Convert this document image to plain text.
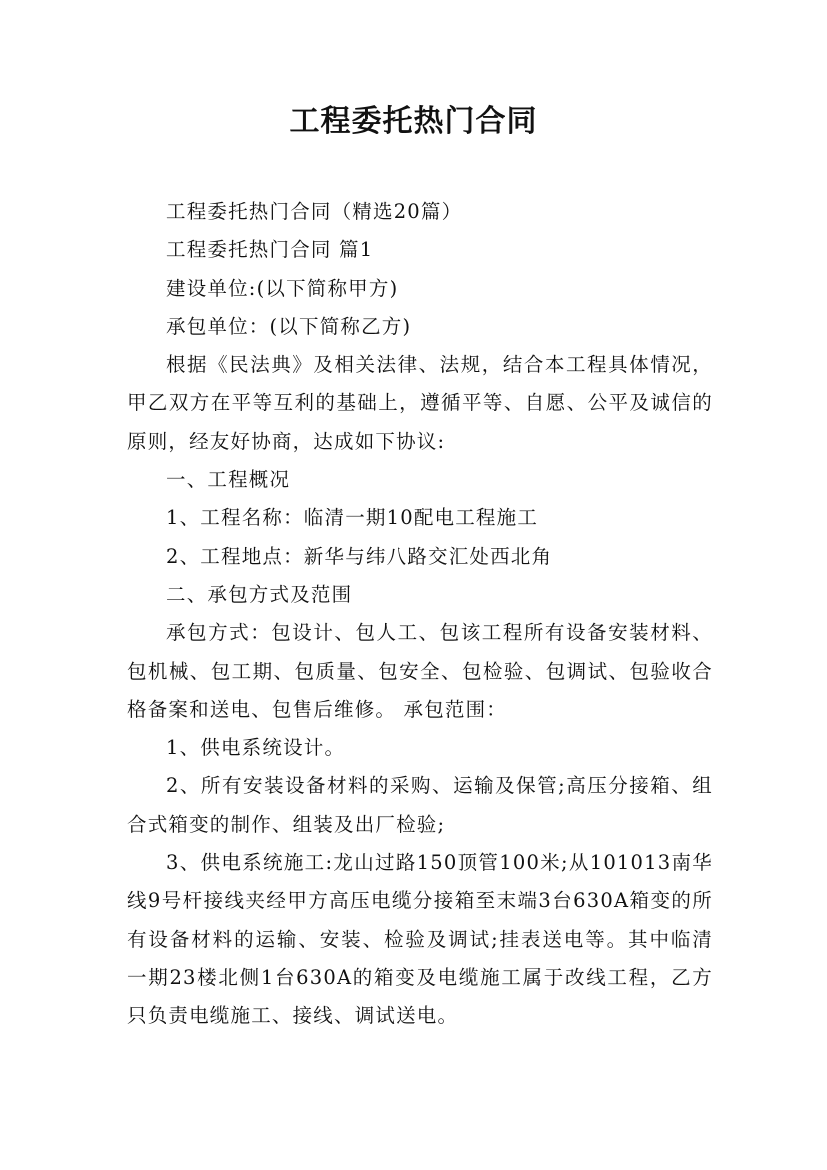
工程委托热门合同

工程委托热门合同（精选20篇）

工程委托热门合同 篇1

建设单位:(以下简称甲方)

承包单位：(以下简称乙方)

根据《民法典》及相关法律、法规，结合本工程具体情况，甲乙双方在平等互利的基础上，遵循平等、自愿、公平及诚信的原则，经友好协商，达成如下协议:

一、工程概况

1、工程名称：临清一期10配电工程施工

2、工程地点：新华与纬八路交汇处西北角

二、承包方式及范围

承包方式：包设计、包人工、包该工程所有设备安装材料、包机械、包工期、包质量、包安全、包检验、包调试、包验收合格备案和送电、包售后维修。 承包范围：

1、供电系统设计。

2、所有安装设备材料的采购、运输及保管;高压分接箱、组合式箱变的制作、组装及出厂检验;

3、供电系统施工:龙山过路150顶管100米;从101013南华线9号杆接线夹经甲方高压电缆分接箱至末端3台630A箱变的所有设备材料的运输、安装、检验及调试;挂表送电等。其中临清一期23楼北侧1台630A的箱变及电缆施工属于改线工程，乙方只负责电缆施工、接线、调试送电。
